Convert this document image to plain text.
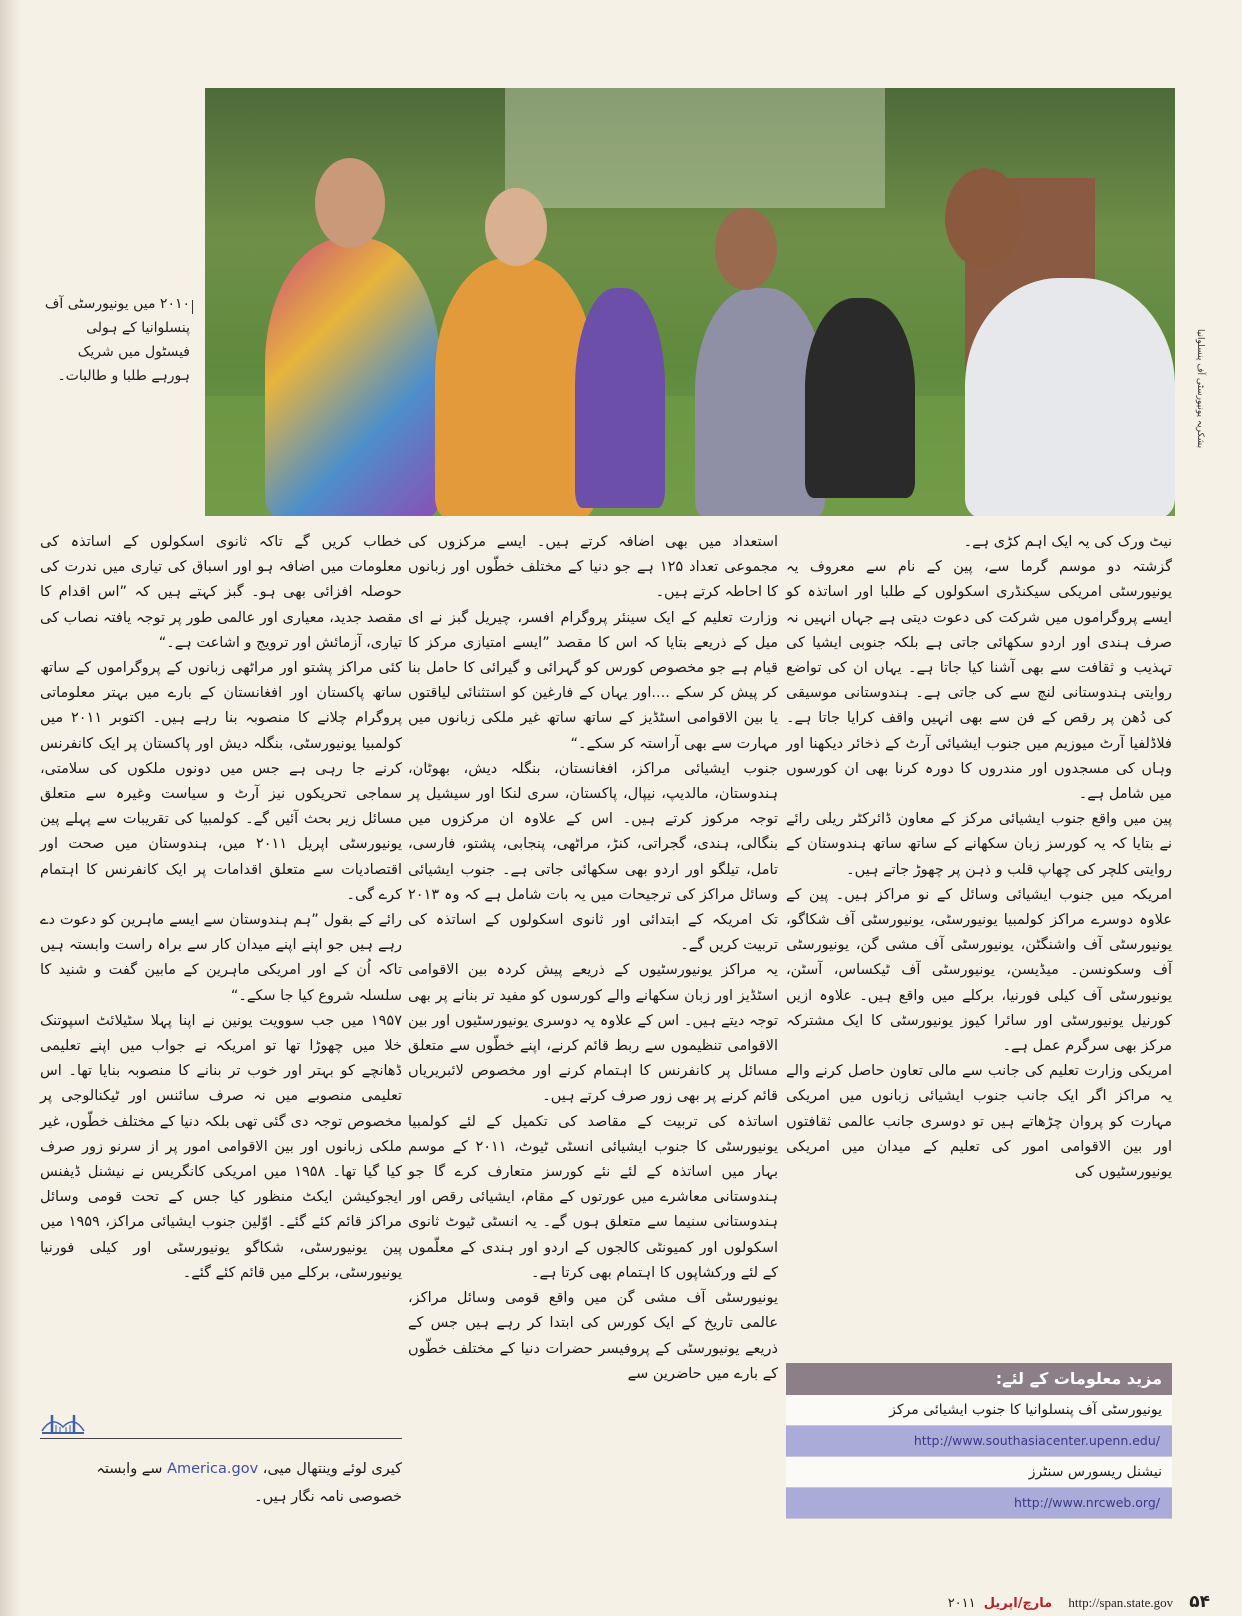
بشکریہ یونیورسٹی آف پنسلوانیا
۲۰۱۰ میں یونیورسٹی آف پنسلوانیا کے ہولی فیسٹول میں شریک ہورہے طلبا و طالبات۔

نیٹ ورک کی یہ ایک اہم کڑی ہے۔

گزشتہ دو موسم گرما سے، پین کے نام سے معروف یہ یونیورسٹی امریکی سیکنڈری اسکولوں کے طلبا اور اساتذہ کو ایسے پروگراموں میں شرکت کی دعوت دیتی ہے جہاں انہیں نہ صرف ہندی اور اردو سکھائی جاتی ہے بلکہ جنوبی ایشیا کی تہذیب و ثقافت سے بھی آشنا کیا جاتا ہے۔ یہاں ان کی تواضع روایتی ہندوستانی لنچ سے کی جاتی ہے۔ ہندوستانی موسیقی کی دُھن پر رقص کے فن سے بھی انہیں واقف کرایا جاتا ہے۔ فلاڈلفیا آرٹ میوزیم میں جنوب ایشیائی آرٹ کے ذخائر دیکھنا اور وہاں کی مسجدوں اور مندروں کا دورہ کرنا بھی ان کورسوں میں شامل ہے۔

پین میں واقع جنوب ایشیائی مرکز کے معاون ڈائرکٹر ریلی رائے نے بتایا کہ یہ کورسز زبان سکھانے کے ساتھ ساتھ ہندوستان کے روایتی کلچر کی چھاپ قلب و ذہن پر چھوڑ جاتے ہیں۔

امریکہ میں جنوب ایشیائی وسائل کے نو مراکز ہیں۔ پین کے علاوہ دوسرے مراکز کولمبیا یونیورسٹی، یونیورسٹی آف شکاگو، یونیورسٹی آف واشنگٹن، یونیورسٹی آف مشی گن، یونیورسٹی آف وسکونسن۔ میڈیسن، یونیورسٹی آف ٹیکساس، آسٹن، یونیورسٹی آف کیلی فورنیا، برکلے میں واقع ہیں۔ علاوہ ازیں کورنیل یونیورسٹی اور سائرا کیوز یونیورسٹی کا ایک مشترکہ مرکز بھی سرگرم عمل ہے۔

امریکی وزارت تعلیم کی جانب سے مالی تعاون حاصل کرنے والے یہ مراکز اگر ایک جانب جنوب ایشیائی زبانوں میں امریکی مہارت کو پروان چڑھاتے ہیں تو دوسری جانب عالمی ثقافتوں اور بین الاقوامی امور کی تعلیم کے میدان میں امریکی یونیورسٹیوں کی

استعداد میں بھی اضافہ کرتے ہیں۔ ایسے مرکزوں کی مجموعی تعداد ۱۲۵ ہے جو دنیا کے مختلف خطّوں اور زبانوں کا احاطہ کرتے ہیں۔

وزارت تعلیم کے ایک سینئر پروگرام افسر، چیریل گبز نے ای میل کے ذریعے بتایا کہ اس کا مقصد ”ایسے امتیازی مرکز کا قیام ہے جو مخصوص کورس کو گہرائی و گیرائی کا حامل بنا کر پیش کر سکے ....اور یہاں کے فارغین کو استثنائی لیاقتوں یا بین الاقوامی اسٹڈیز کے ساتھ ساتھ غیر ملکی زبانوں میں مہارت سے بھی آراستہ کر سکے۔“

جنوب ایشیائی مراکز، افغانستان، بنگلہ دیش، بھوٹان، ہندوستان، مالدیپ، نیپال، پاکستان، سری لنکا اور سیشیل پر توجہ مرکوز کرتے ہیں۔ اس کے علاوہ ان مرکزوں میں بنگالی، ہندی، گجراتی، کنڑ، مراٹھی، پنجابی، پشتو، فارسی، تامل، تیلگو اور اردو بھی سکھائی جاتی ہے۔ جنوب ایشیائی وسائل مراکز کی ترجیحات میں یہ بات شامل ہے کہ وہ ۲۰۱۳ تک امریکہ کے ابتدائی اور ثانوی اسکولوں کے اساتذہ کی تربیت کریں گے۔

یہ مراکز یونیورسٹیوں کے ذریعے پیش کردہ بین الاقوامی اسٹڈیز اور زبان سکھانے والے کورسوں کو مفید تر بنانے پر بھی توجہ دیتے ہیں۔ اس کے علاوہ یہ دوسری یونیورسٹیوں اور بین الاقوامی تنظیموں سے ربط قائم کرنے، اپنے خطّوں سے متعلق مسائل پر کانفرنس کا اہتمام کرنے اور مخصوص لائبریریاں قائم کرنے پر بھی زور صرف کرتے ہیں۔

اساتذہ کی تربیت کے مقاصد کی تکمیل کے لئے کولمبیا یونیورسٹی کا جنوب ایشیائی انسٹی ٹیوٹ، ۲۰۱۱ کے موسم بہار میں اساتذہ کے لئے نئے کورسز متعارف کرے گا جو ہندوستانی معاشرے میں عورتوں کے مقام، ایشیائی رقص اور ہندوستانی سنیما سے متعلق ہوں گے۔ یہ انسٹی ٹیوٹ ثانوی اسکولوں اور کمیونٹی کالجوں کے اردو اور ہندی کے معلّموں کے لئے ورکشاپوں کا اہتمام بھی کرتا ہے۔

یونیورسٹی آف مشی گن میں واقع قومی وسائل مراکز، عالمی تاریخ کے ایک کورس کی ابتدا کر رہے ہیں جس کے ذریعے یونیورسٹی کے پروفیسر حضرات دنیا کے مختلف خطّوں کے بارے میں حاضرین سے

خطاب کریں گے تاکہ ثانوی اسکولوں کے اساتذہ کی معلومات میں اضافہ ہو اور اسباق کی تیاری میں ندرت کی حوصلہ افزائی بھی ہو۔ گبز کہتے ہیں کہ ”اس اقدام کا مقصد جدید، معیاری اور عالمی طور پر توجہ یافتہ نصاب کی تیاری، آزمائش اور ترویج و اشاعت ہے۔“

کئی مراکز پشتو اور مراٹھی زبانوں کے پروگراموں کے ساتھ ساتھ پاکستان اور افغانستان کے بارے میں بہتر معلوماتی پروگرام چلانے کا منصوبہ بنا رہے ہیں۔ اکتوبر ۲۰۱۱ میں کولمبیا یونیورسٹی، بنگلہ دیش اور پاکستان پر ایک کانفرنس کرنے جا رہی ہے جس میں دونوں ملکوں کی سلامتی، سماجی تحریکوں نیز آرٹ و سیاست وغیرہ سے متعلق مسائل زیر بحث آئیں گے۔ کولمبیا کی تقریبات سے پہلے پین یونیورسٹی اپریل ۲۰۱۱ میں، ہندوستان میں صحت اور اقتصادیات سے متعلق اقدامات پر ایک کانفرنس کا اہتمام کرے گی۔

رائے کے بقول ”ہم ہندوستان سے ایسے ماہرین کو دعوت دے رہے ہیں جو اپنے اپنے میدان کار سے براہ راست وابستہ ہیں تاکہ اُن کے اور امریکی ماہرین کے مابین گفت و شنید کا سلسلہ شروع کیا جا سکے۔“

۱۹۵۷ میں جب سوویت یونین نے اپنا پہلا سٹیلائٹ اسپوتنک خلا میں چھوڑا تھا تو امریکہ نے جواب میں اپنے تعلیمی ڈھانچے کو بہتر اور خوب تر بنانے کا منصوبہ بنایا تھا۔ اس تعلیمی منصوبے میں نہ صرف سائنس اور ٹیکنالوجی پر مخصوص توجہ دی گئی تھی بلکہ دنیا کے مختلف خطّوں، غیر ملکی زبانوں اور بین الاقوامی امور پر از سرنو زور صرف کیا گیا تھا۔ ۱۹۵۸ میں امریکی کانگریس نے نیشنل ڈیفنس ایجوکیشن ایکٹ منظور کیا جس کے تحت قومی وسائل مراکز قائم کئے گئے۔ اوّلین جنوب ایشیائی مراکز، ۱۹۵۹ میں پین یونیورسٹی، شکاگو یونیورسٹی اور کیلی فورنیا یونیورسٹی، برکلے میں قائم کئے گئے۔

مزید معلومات کے لئے:
یونیورسٹی آف پنسلوانیا کا جنوب ایشیائی مرکز
http://www.southasiacenter.upenn.edu/
نیشنل ریسورس سنٹرز
http://www.nrcweb.org/
کیری لوئے وینتھال میی، America.gov سے وابستہ خصوصی نامہ نگار ہیں۔
۵۴ http://span.state.gov مارچ/اپریل ۲۰۱۱
